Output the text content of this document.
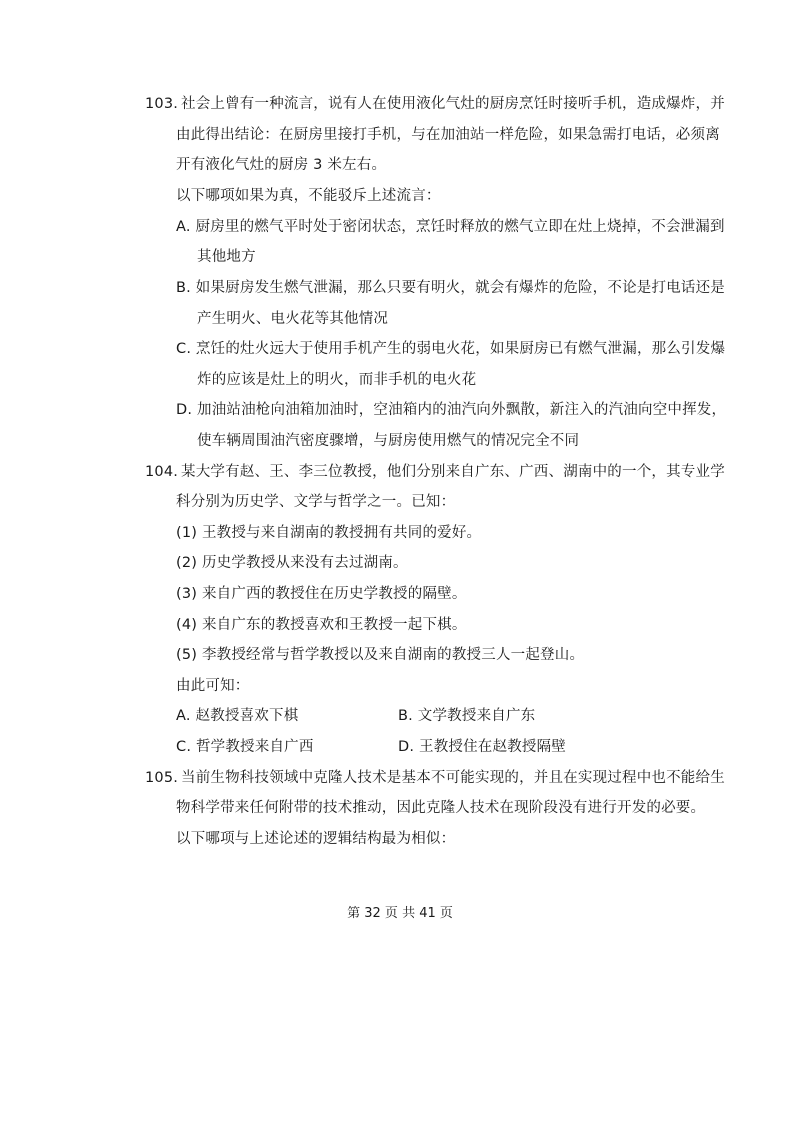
103. 社会上曾有一种流言，说有人在使用液化气灶的厨房烹饪时接听手机，造成爆炸，并
由此得出结论：在厨房里接打手机，与在加油站一样危险，如果急需打电话，必须离
开有液化气灶的厨房 3 米左右。
以下哪项如果为真，不能驳斥上述流言：
A. 厨房里的燃气平时处于密闭状态，烹饪时释放的燃气立即在灶上烧掉，不会泄漏到
其他地方
B. 如果厨房发生燃气泄漏，那么只要有明火，就会有爆炸的危险，不论是打电话还是
产生明火、电火花等其他情况
C. 烹饪的灶火远大于使用手机产生的弱电火花，如果厨房已有燃气泄漏，那么引发爆
炸的应该是灶上的明火，而非手机的电火花
D. 加油站油枪向油箱加油时，空油箱内的油汽向外飘散，新注入的汽油向空中挥发，
使车辆周围油汽密度骤增，与厨房使用燃气的情况完全不同
104. 某大学有赵、王、李三位教授，他们分别来自广东、广西、湖南中的一个，其专业学
科分别为历史学、文学与哲学之一。已知：
(1) 王教授与来自湖南的教授拥有共同的爱好。
(2) 历史学教授从来没有去过湖南。
(3) 来自广西的教授住在历史学教授的隔壁。
(4) 来自广东的教授喜欢和王教授一起下棋。
(5) 李教授经常与哲学教授以及来自湖南的教授三人一起登山。
由此可知：
A. 赵教授喜欢下棋	B. 文学教授来自广东
C. 哲学教授来自广西	D. 王教授住在赵教授隔壁
105. 当前生物科技领域中克隆人技术是基本不可能实现的，并且在实现过程中也不能给生
物科学带来任何附带的技术推动，因此克隆人技术在现阶段没有进行开发的必要。
以下哪项与上述论述的逻辑结构最为相似：
第 32 页 共 41 页
